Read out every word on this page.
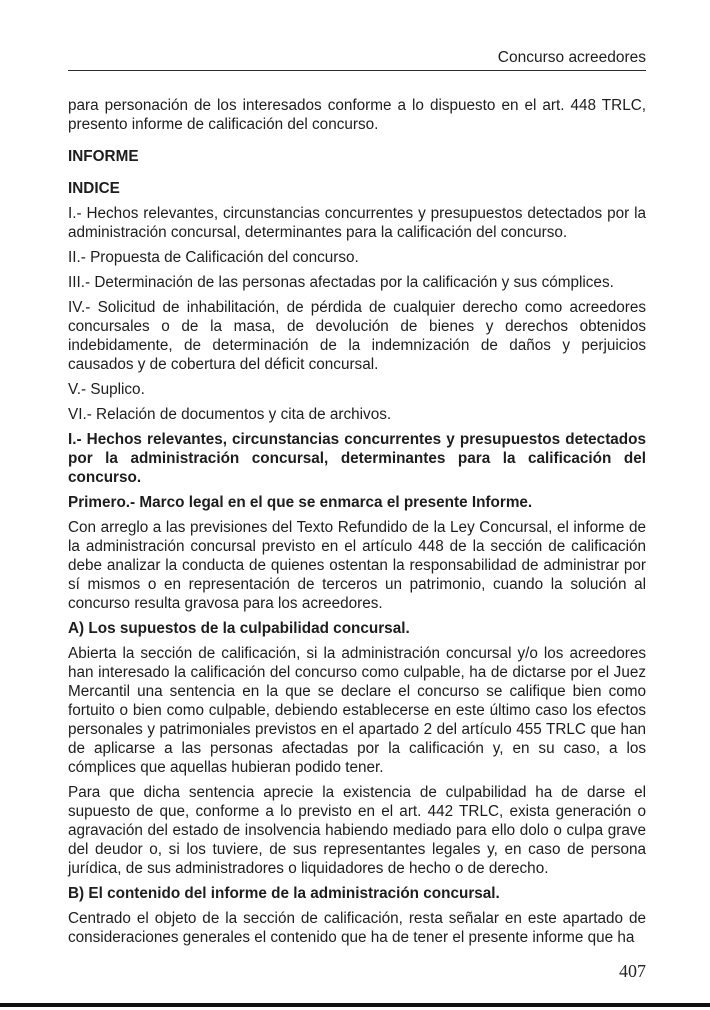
Concurso acreedores

para personación de los interesados conforme a lo dispuesto en el art. 448 TRLC, presento informe de calificación del concurso.

INFORME

INDICE

I.- Hechos relevantes, circunstancias concurrentes y presupuestos detectados por la administración concursal, determinantes para la calificación del concurso.

II.- Propuesta de Calificación del concurso.

III.- Determinación de las personas afectadas por la calificación y sus cómplices.

IV.- Solicitud de inhabilitación, de pérdida de cualquier derecho como acreedores concursales o de la masa, de devolución de bienes y derechos obtenidos indebidamente, de determinación de la indemnización de daños y perjuicios causados y de cobertura del déficit concursal.

V.- Suplico.

VI.- Relación de documentos y cita de archivos.

I.- Hechos relevantes, circunstancias concurrentes y presupuestos detectados por la administración concursal, determinantes para la calificación del concurso.

Primero.- Marco legal en el que se enmarca el presente Informe.

Con arreglo a las previsiones del Texto Refundido de la Ley Concursal, el informe de la administración concursal previsto en el artículo 448 de la sección de calificación debe analizar la conducta de quienes ostentan la responsabilidad de administrar por sí mismos o en representación de terceros un patrimonio, cuando la solución al concurso resulta gravosa para los acreedores.

A) Los supuestos de la culpabilidad concursal.

Abierta la sección de calificación, si la administración concursal y/o los acreedores han interesado la calificación del concurso como culpable, ha de dictarse por el Juez Mercantil una sentencia en la que se declare el concurso se califique bien como fortuito o bien como culpable, debiendo establecerse en este último caso los efectos personales y patrimoniales previstos en el apartado 2 del artículo 455 TRLC que han de aplicarse a las personas afectadas por la calificación y, en su caso, a los cómplices que aquellas hubieran podido tener.

Para que dicha sentencia aprecie la existencia de culpabilidad ha de darse el supuesto de que, conforme a lo previsto en el art. 442 TRLC, exista generación o agravación del estado de insolvencia habiendo mediado para ello dolo o culpa grave del deudor o, si los tuviere, de sus representantes legales y, en caso de persona jurídica, de sus administradores o liquidadores de hecho o de derecho.

B) El contenido del informe de la administración concursal.

Centrado el objeto de la sección de calificación, resta señalar en este apartado de consideraciones generales el contenido que ha de tener el presente informe que ha

407
